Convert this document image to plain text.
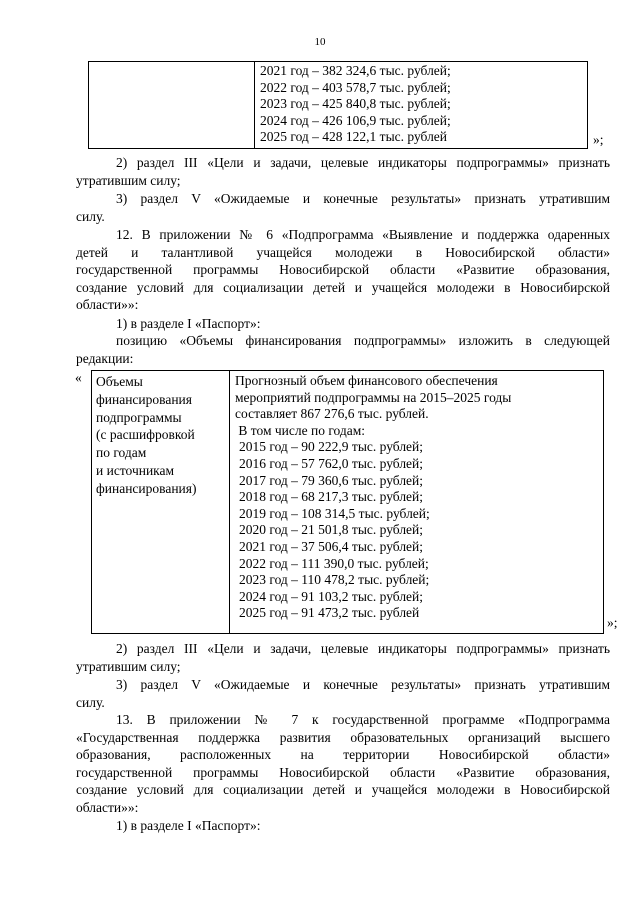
10
2021 год – 382 324,6 тыс. рублей;
2022 год – 403 578,7 тыс. рублей;
2023 год – 425 840,8 тыс. рублей;
2024 год – 426 106,9 тыс. рублей;
2025 год – 428 122,1 тыс. рублей	»;
2) раздел III «Цели и задачи, целевые индикаторы подпрограммы» признать
утратившим силу;
3) раздел V «Ожидаемые и конечные результаты» признать утратившим
силу.
12. В приложении № 6 «Подпрограмма «Выявление и поддержка одаренных
детей и талантливой учащейся молодежи в Новосибирской области»
государственной программы Новосибирской области «Развитие образования,
создание условий для социализации детей и учащейся молодежи в Новосибирской
области»»:
1) в разделе I «Паспорт»:
позицию «Объемы финансирования подпрограммы» изложить в следующей
редакции:
« Объемы
финансирования
подпрограммы
(с расшифровкой
по годам
и источникам
финансирования)
Прогнозный объем финансового обеспечения
мероприятий подпрограммы на 2015–2025 годы
составляет 867 276,6 тыс. рублей.
В том числе по годам:
2015 год – 90 222,9 тыс. рублей;
2016 год – 57 762,0 тыс. рублей;
2017 год – 79 360,6 тыс. рублей;
2018 год – 68 217,3 тыс. рублей;
2019 год – 108 314,5 тыс. рублей;
2020 год – 21 501,8 тыс. рублей;
2021 год – 37 506,4 тыс. рублей;
2022 год – 111 390,0 тыс. рублей;
2023 год – 110 478,2 тыс. рублей;
2024 год – 91 103,2 тыс. рублей;
2025 год – 91 473,2 тыс. рублей
»;
2) раздел III «Цели и задачи, целевые индикаторы подпрограммы» признать
утратившим силу;
3) раздел V «Ожидаемые и конечные результаты» признать утратившим
силу.
13. В приложении № 7 к государственной программе «Подпрограмма
«Государственная поддержка развития образовательных организаций высшего
образования, расположенных на территории Новосибирской области»
государственной программы Новосибирской области «Развитие образования,
создание условий для социализации детей и учащейся молодежи в Новосибирской
области»»:
1) в разделе I «Паспорт»:
